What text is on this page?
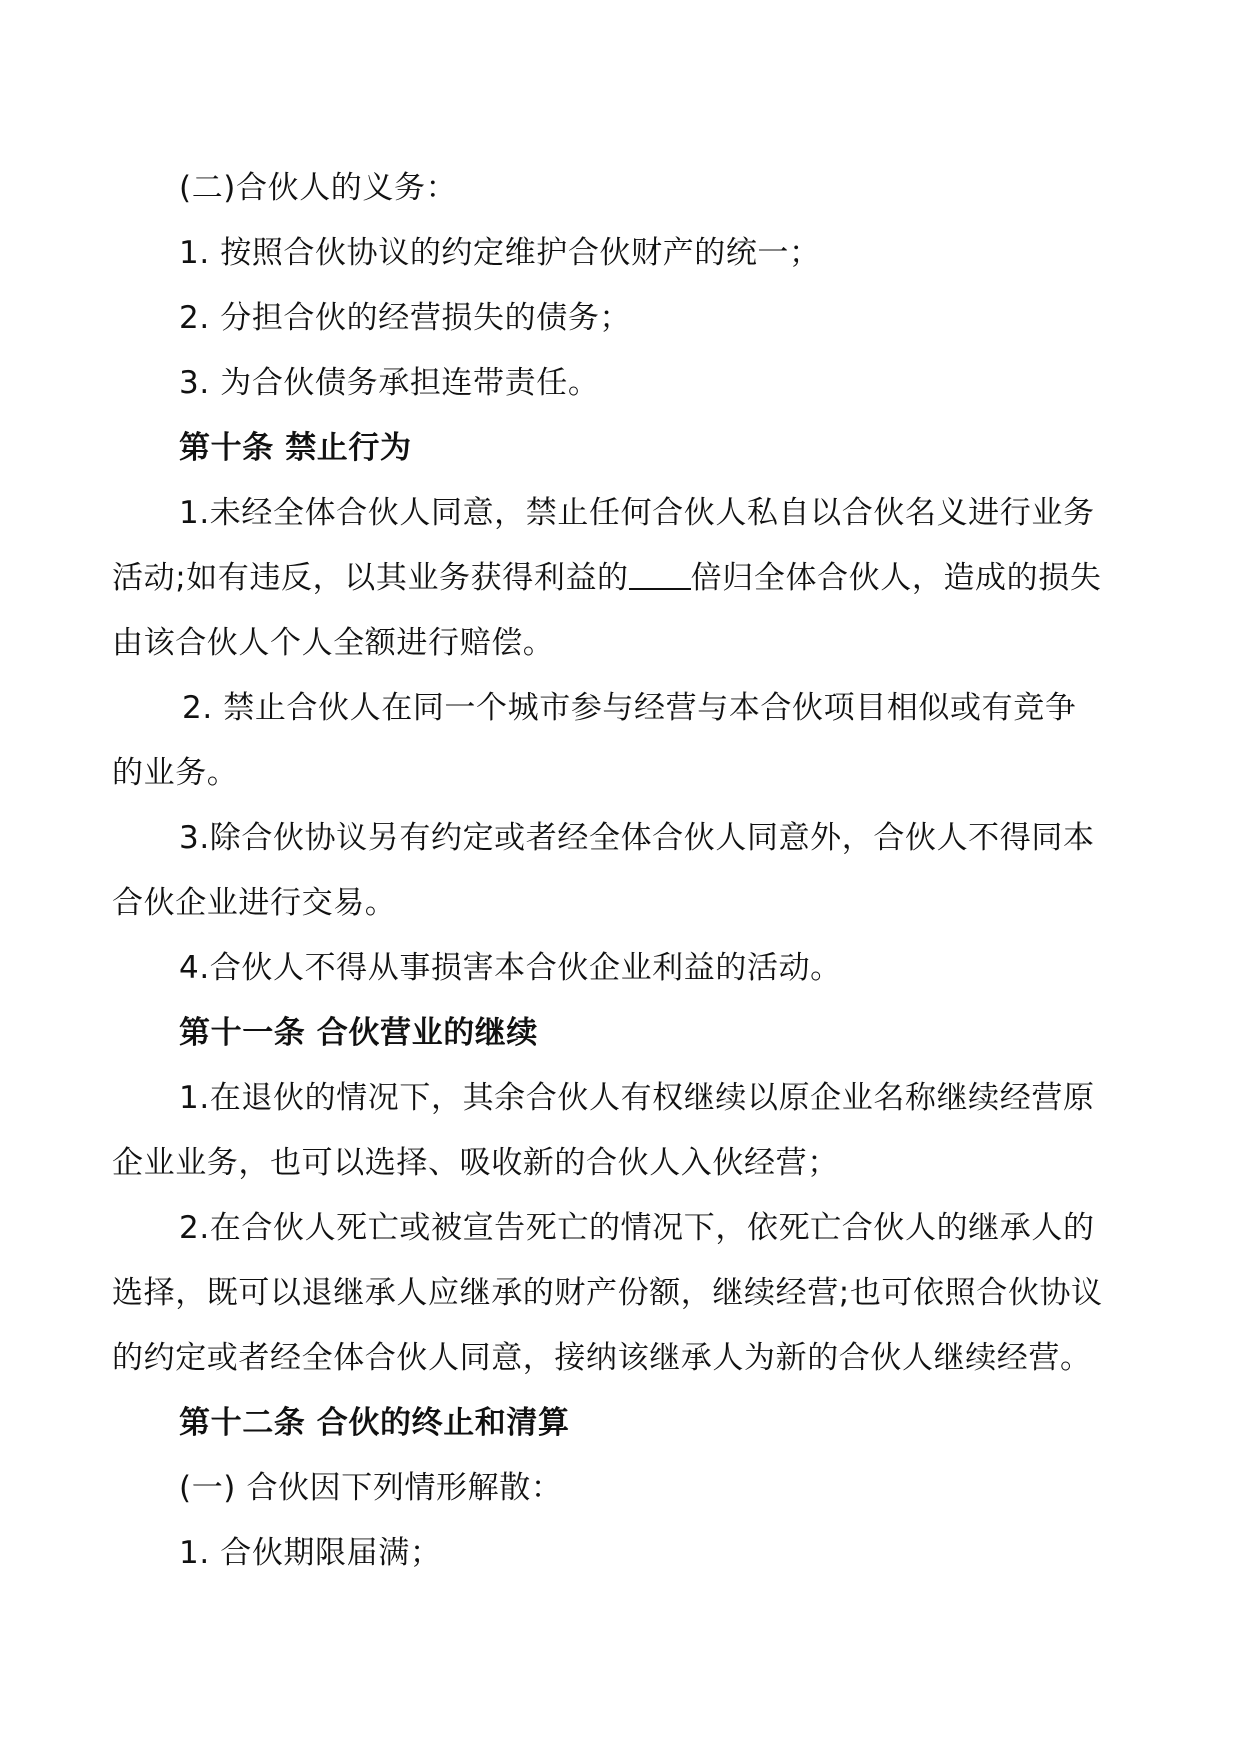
(二)合伙人的义务：

1. 按照合伙协议的约定维护合伙财产的统一；

2. 分担合伙的经营损失的债务；

3. 为合伙债务承担连带责任。

第十条 禁止行为

1.未经全体合伙人同意，禁止任何合伙人私自以合伙名义进行业务

活动;如有违反，以其业务获得利益的 倍归全体合伙人，造成的损失

由该合伙人个人全额进行赔偿。

2. 禁止合伙人在同一个城市参与经营与本合伙项目相似或有竞争

的业务。

3.除合伙协议另有约定或者经全体合伙人同意外，合伙人不得同本

合伙企业进行交易。

4.合伙人不得从事损害本合伙企业利益的活动。

第十一条 合伙营业的继续

1.在退伙的情况下，其余合伙人有权继续以原企业名称继续经营原

企业业务，也可以选择、吸收新的合伙人入伙经营；

2.在合伙人死亡或被宣告死亡的情况下，依死亡合伙人的继承人的

选择，既可以退继承人应继承的财产份额，继续经营;也可依照合伙协议

的约定或者经全体合伙人同意，接纳该继承人为新的合伙人继续经营。

第十二条 合伙的终止和清算

(一) 合伙因下列情形解散：

1. 合伙期限届满；
